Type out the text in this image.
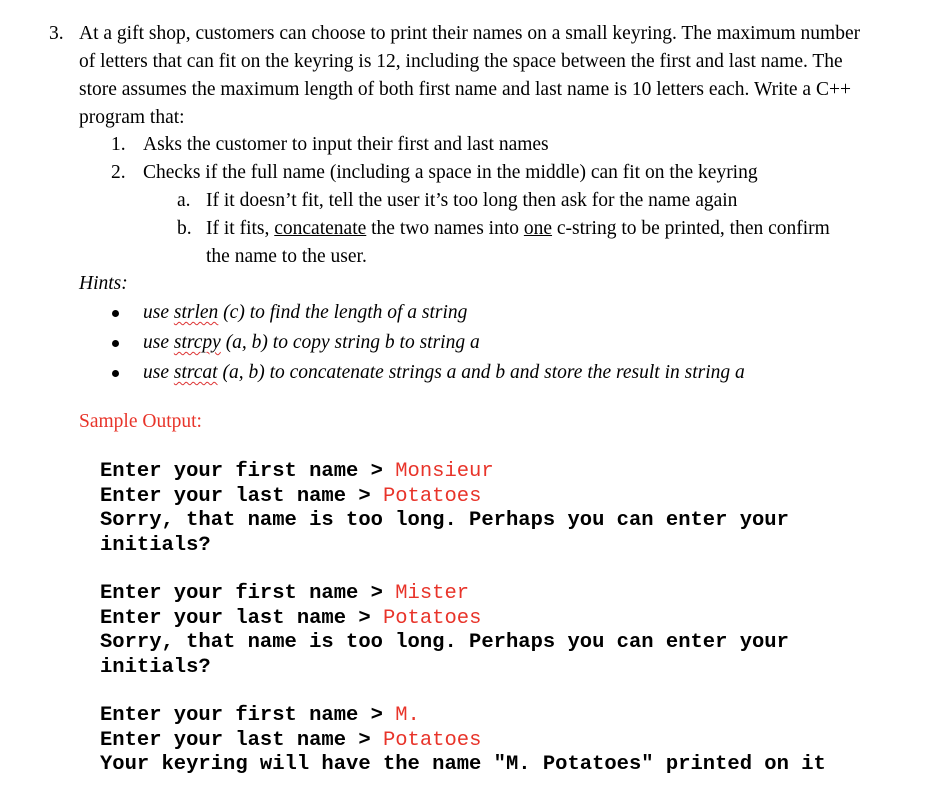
3. At a gift shop, customers can choose to print their names on a small keyring. The maximum number of letters that can fit on the keyring is 12, including the space between the first and last name. The store assumes the maximum length of both first name and last name is 10 letters each. Write a C++ program that:
1. Asks the customer to input their first and last names
2. Checks if the full name (including a space in the middle) can fit on the keyring
a. If it doesn’t fit, tell the user it’s too long then ask for the name again
b. If it fits, concatenate the two names into one c-string to be printed, then confirm
the name to the user.
Hints:
use strlen (c) to find the length of a string
use strcpy (a, b) to copy string b to string a
use strcat (a, b) to concatenate strings a and b and store the result in string a
Sample Output:
Enter your first name > Monsieur
Enter your last name > Potatoes
Sorry, that name is too long. Perhaps you can enter your
initials?
Enter your first name > Mister
Enter your last name > Potatoes
Sorry, that name is too long. Perhaps you can enter your
initials?
Enter your first name > M.
Enter your last name > Potatoes
Your keyring will have the name "M. Potatoes" printed on it
